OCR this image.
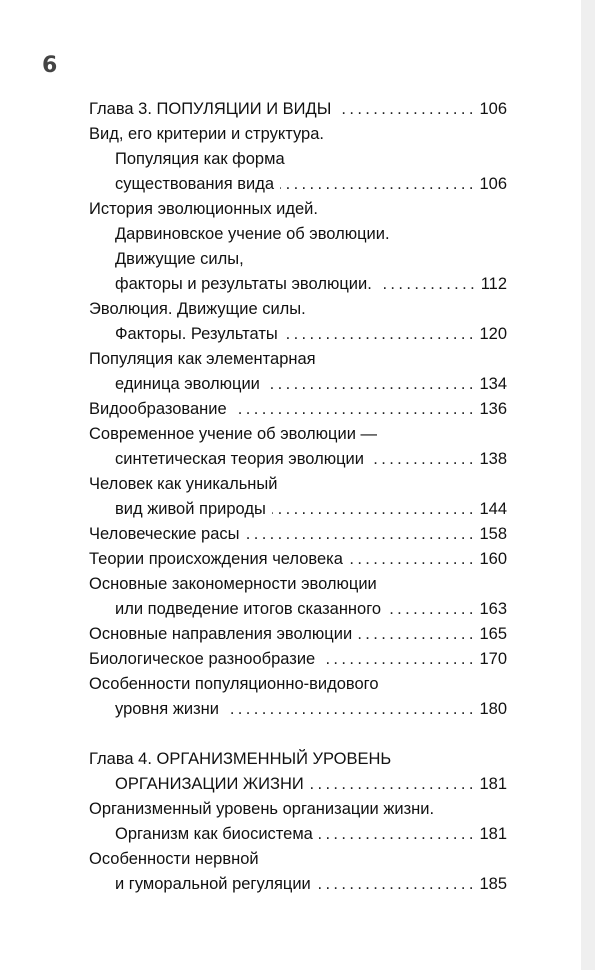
6
Глава 3. ПОПУЛЯЦИИ И ВИДЫ . . .	106
Вид, его критерии и структура.
Популяция как форма
существования вида . . .	106
История эволюционных идей.
Дарвиновское учение об эволюции.
Движущие силы,
факторы и результаты эволюции. . . .	112
Эволюция. Движущие силы.
Факторы. Результаты . . .	120
Популяция как элементарная
единица эволюции . . .	134
Видообразование . . .	136
Современное учение об эволюции —
синтетическая теория эволюции . . .	138
Человек как уникальный
вид живой природы . . .	144
Человеческие расы . . .	158
Теории происхождения человека . . .	160
Основные закономерности эволюции
или подведение итогов сказанного . . .	163
Основные направления эволюции . . .	165
Биологическое разнообразие . . .	170
Особенности популяционно-видового
уровня жизни . . .	180
Глава 4. ОРГАНИЗМЕННЫЙ УРОВЕНЬ
ОРГАНИЗАЦИИ ЖИЗНИ . . .	181
Организменный уровень организации жизни.
Организм как биосистема . . .	181
Особенности нервной
и гуморальной регуляции . . .	185
